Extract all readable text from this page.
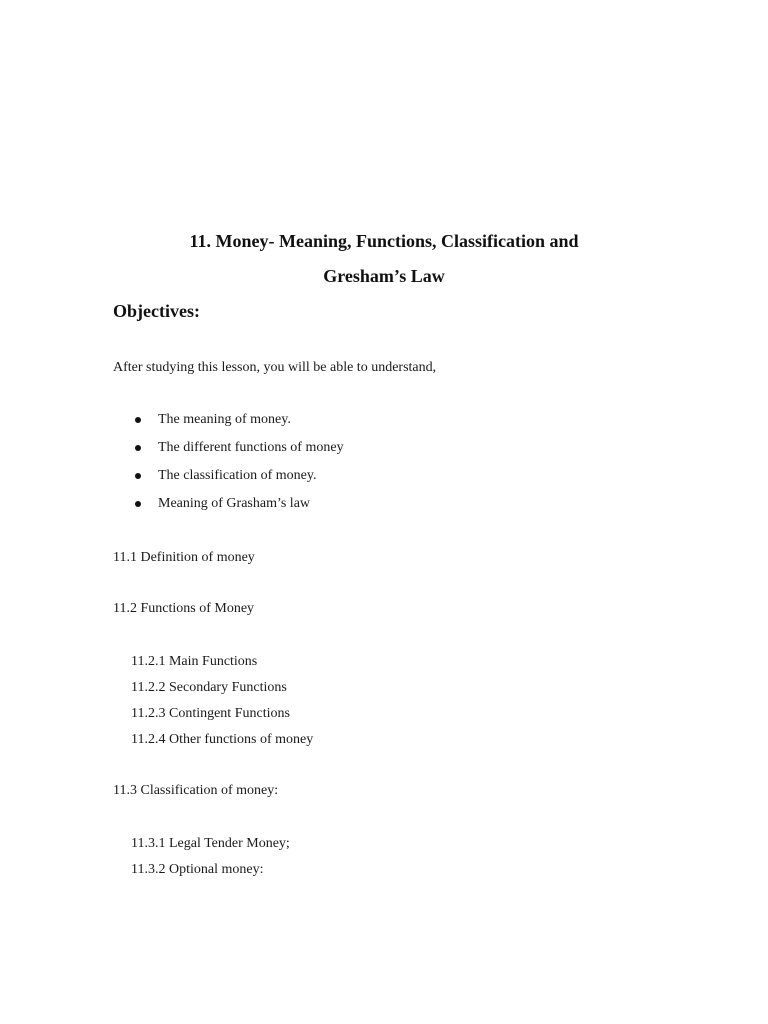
11. Money- Meaning, Functions, Classification and
Gresham’s Law
Objectives:
After studying this lesson, you will be able to understand,
The meaning of money.
The different functions of money
The classification of money.
Meaning of Grasham’s law
11.1 Definition of money
11.2 Functions of Money
11.2.1 Main Functions
11.2.2 Secondary Functions
11.2.3 Contingent Functions
11.2.4 Other functions of money
11.3 Classification of money:
11.3.1 Legal Tender Money;
11.3.2 Optional money:
